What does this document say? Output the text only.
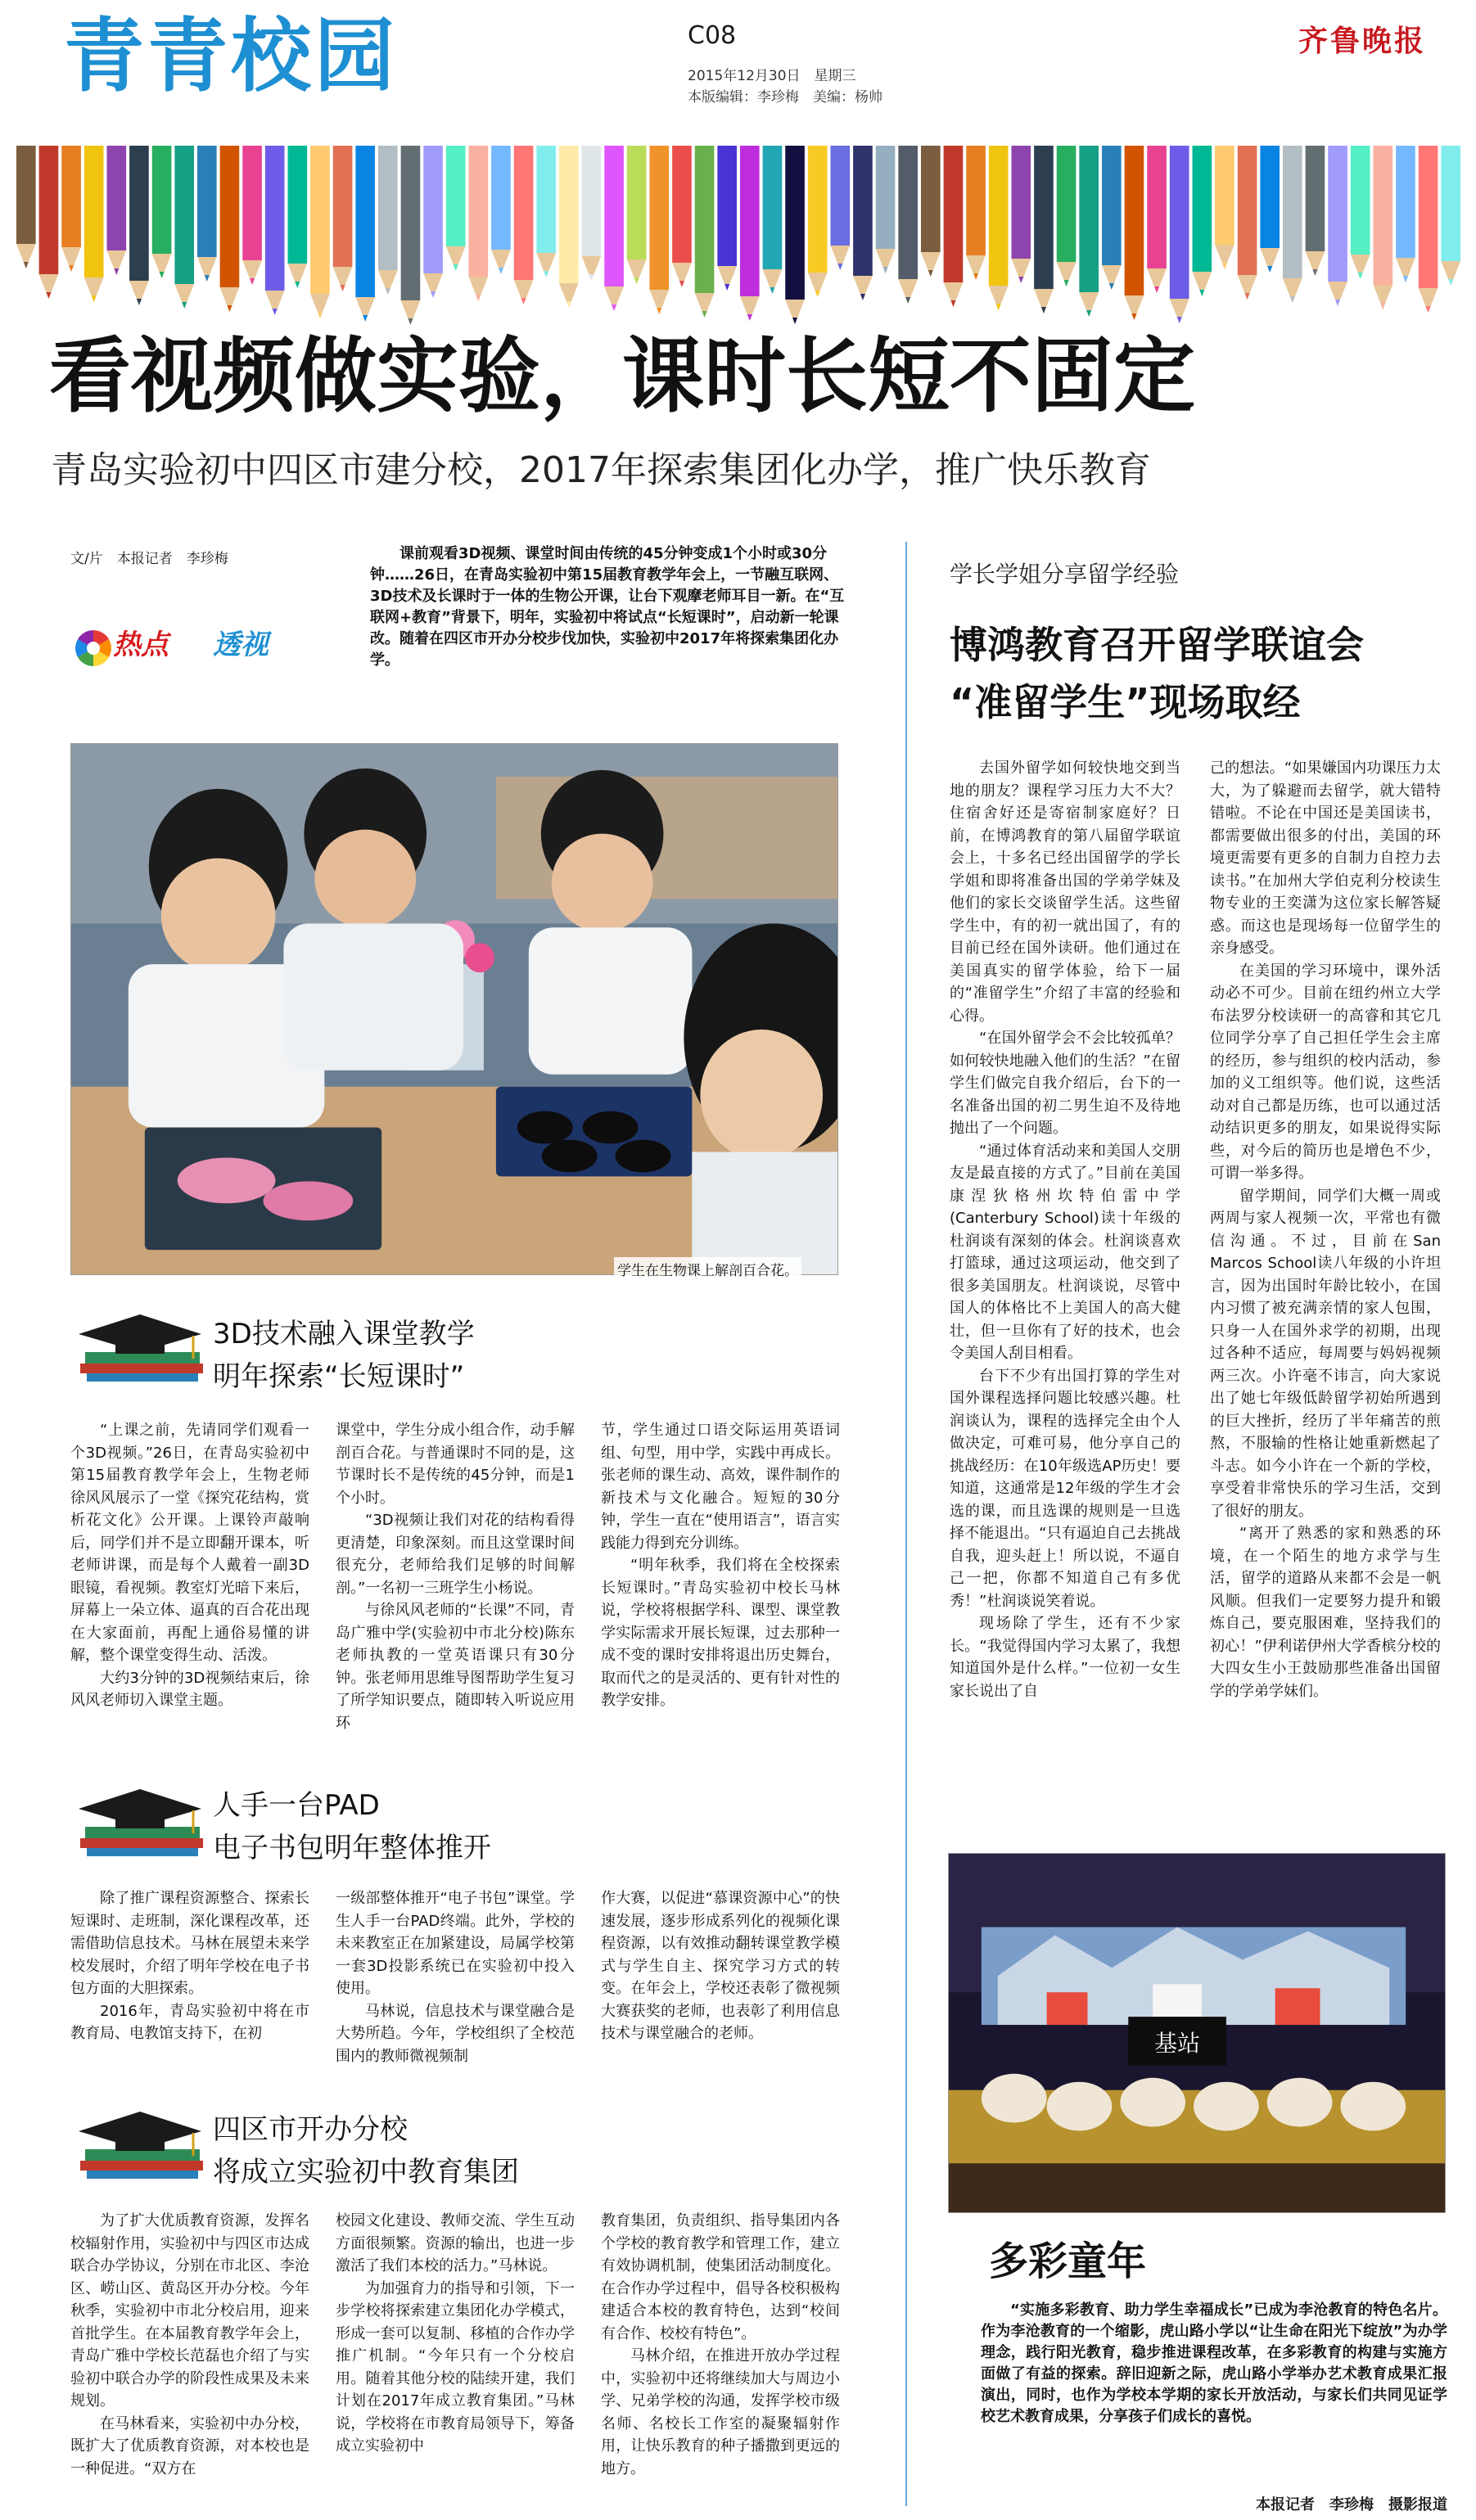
青青校园	C08
2015年12月30日　星期三
本版编辑：李珍梅　美编：杨帅
齐鲁晚报
看视频做实验，课时长短不固定
青岛实验初中四区市建分校，2017年探索集团化办学，推广快乐教育
文/片　本报记者　李珍梅
热点 透视
课前观看3D视频、课堂时间由传统的45分钟变成1个小时或30分钟……26日，在青岛实验初中第15届教育教学年会上，一节融互联网、3D技术及长课时于一体的生物公开课，让台下观摩老师耳目一新。在“互联网+教育”背景下，明年，实验初中将试点“长短课时”，启动新一轮课改。随着在四区市开办分校步伐加快，实验初中2017年将探索集团化办学。
学生在生物课上解剖百合花。
3D技术融入课堂教学
明年探索“长短课时”

“上课之前，先请同学们观看一个3D视频。”26日，在青岛实验初中第15届教育教学年会上，生物老师徐风风展示了一堂《探究花结构，赏析花文化》公开课。上课铃声敲响后，同学们并不是立即翻开课本，听老师讲课，而是每个人戴着一副3D眼镜，看视频。教室灯光暗下来后，屏幕上一朵立体、逼真的百合花出现在大家面前，再配上通俗易懂的讲解，整个课堂变得生动、活泼。

大约3分钟的3D视频结束后，徐风风老师切入课堂主题。

课堂中，学生分成小组合作，动手解剖百合花。与普通课时不同的是，这节课时长不是传统的45分钟，而是1个小时。

“3D视频让我们对花的结构看得更清楚，印象深刻。而且这堂课时间很充分，老师给我们足够的时间解剖。”一名初一三班学生小杨说。

与徐风风老师的“长课”不同，青岛广雅中学(实验初中市北分校)陈东老师执教的一堂英语课只有30分钟。张老师用思维导图帮助学生复习了所学知识要点，随即转入听说应用环

节，学生通过口语交际运用英语词组、句型，用中学，实践中再成长。张老师的课生动、高效，课件制作的新技术与文化融合。短短的30分钟，学生一直在“使用语言”，语言实践能力得到充分训练。

“明年秋季，我们将在全校探索长短课时。”青岛实验初中校长马林说，学校将根据学科、课型、课堂教学实际需求开展长短课，过去那种一成不变的课时安排将退出历史舞台，取而代之的是灵活的、更有针对性的教学安排。

人手一台PAD
电子书包明年整体推开

除了推广课程资源整合、探索长短课时、走班制，深化课程改革，还需借助信息技术。马林在展望未来学校发展时，介绍了明年学校在电子书包方面的大胆探索。

2016年，青岛实验初中将在市教育局、电教馆支持下，在初

一级部整体推开“电子书包”课堂。学生人手一台PAD终端。此外，学校的未来教室正在加紧建设，局属学校第一套3D投影系统已在实验初中投入使用。

马林说，信息技术与课堂融合是大势所趋。今年，学校组织了全校范围内的教师微视频制

作大赛，以促进“慕课资源中心”的快速发展，逐步形成系列化的视频化课程资源，以有效推动翻转课堂教学模式与学生自主、探究学习方式的转变。在年会上，学校还表彰了微视频大赛获奖的老师，也表彰了利用信息技术与课堂融合的老师。

四区市开办分校
将成立实验初中教育集团

为了扩大优质教育资源，发挥名校辐射作用，实验初中与四区市达成联合办学协议，分别在市北区、李沧区、崂山区、黄岛区开办分校。今年秋季，实验初中市北分校启用，迎来首批学生。在本届教育教学年会上，青岛广雅中学校长范磊也介绍了与实验初中联合办学的阶段性成果及未来规划。

在马林看来，实验初中办分校，既扩大了优质教育资源，对本校也是一种促进。“双方在

校园文化建设、教师交流、学生互动方面很频繁。资源的输出，也进一步激活了我们本校的活力。”马林说。

为加强育力的指导和引领，下一步学校将探索建立集团化办学模式，形成一套可以复制、移植的合作办学推广机制。“今年只有一个分校启用。随着其他分校的陆续开建，我们计划在2017年成立教育集团。”马林说，学校将在市教育局领导下，筹备成立实验初中

教育集团，负责组织、指导集团内各个学校的教育教学和管理工作，建立有效协调机制，使集团活动制度化。在合作办学过程中，倡导各校积极构建适合本校的教育特色，达到“校间有合作、校校有特色”。

马林介绍，在推进开放办学过程中，实验初中还将继续加大与周边小学、兄弟学校的沟通，发挥学校市级名师、名校长工作室的凝聚辐射作用，让快乐教育的种子播撒到更远的地方。

学长学姐分享留学经验
博鸿教育召开留学联谊会
“准留学生”现场取经

去国外留学如何较快地交到当地的朋友？课程学习压力大不大？住宿舍好还是寄宿制家庭好？日前，在博鸿教育的第八届留学联谊会上，十多名已经出国留学的学长学姐和即将准备出国的学弟学妹及他们的家长交谈留学生活。这些留学生中，有的初一就出国了，有的目前已经在国外读研。他们通过在美国真实的留学体验，给下一届的“准留学生”介绍了丰富的经验和心得。

“在国外留学会不会比较孤单？如何较快地融入他们的生活？”在留学生们做完自我介绍后，台下的一名准备出国的初二男生迫不及待地抛出了一个问题。

“通过体育活动来和美国人交朋友是最直接的方式了。”目前在美国康涅狄格州坎特伯雷中学(Canterbury School)读十年级的杜润谈有深刻的体会。杜润谈喜欢打篮球，通过这项运动，他交到了很多美国朋友。杜润谈说，尽管中国人的体格比不上美国人的高大健壮，但一旦你有了好的技术，也会令美国人刮目相看。

台下不少有出国打算的学生对国外课程选择问题比较感兴趣。杜润谈认为，课程的选择完全由个人做决定，可难可易，他分享自己的挑战经历：在10年级选AP历史！要知道，这通常是12年级的学生才会选的课，而且选课的规则是一旦选择不能退出。“只有逼迫自己去挑战自我，迎头赶上！所以说，不逼自己一把，你都不知道自己有多优秀！”杜润谈说笑着说。

现场除了学生，还有不少家长。“我觉得国内学习太累了，我想知道国外是什么样。”一位初一女生家长说出了自

己的想法。“如果嫌国内功课压力太大，为了躲避而去留学，就大错特错啦。不论在中国还是美国读书，都需要做出很多的付出，美国的环境更需要有更多的自制力自控力去读书。”在加州大学伯克利分校读生物专业的王奕潇为这位家长解答疑惑。而这也是现场每一位留学生的亲身感受。

在美国的学习环境中，课外活动必不可少。目前在纽约州立大学布法罗分校读研一的高睿和其它几位同学分享了自己担任学生会主席的经历，参与组织的校内活动，参加的义工组织等。他们说，这些活动对自己都是历练，也可以通过活动结识更多的朋友，如果说得实际些，对今后的简历也是增色不少，可谓一举多得。

留学期间，同学们大概一周或两周与家人视频一次，平常也有微信沟通。不过，目前在San Marcos School读八年级的小许坦言，因为出国时年龄比较小，在国内习惯了被充满亲情的家人包围，只身一人在国外求学的初期，出现过各种不适应，每周要与妈妈视频两三次。小许毫不讳言，向大家说出了她七年级低龄留学初始所遇到的巨大挫折，经历了半年痛苦的煎熬，不服输的性格让她重新燃起了斗志。如今小许在一个新的学校，享受着非常快乐的学习生活，交到了很好的朋友。

“离开了熟悉的家和熟悉的环境，在一个陌生的地方求学与生活，留学的道路从来都不会是一帆风顺。但我们一定要努力提升和锻炼自己，要克服困难，坚持我们的初心！”伊利诺伊州大学香槟分校的大四女生小王鼓励那些准备出国留学的学弟学妹们。

基站
多彩童年
“实施多彩教育、助力学生幸福成长”已成为李沧教育的特色名片。作为李沧教育的一个缩影，虎山路小学以“让生命在阳光下绽放”为办学理念，践行阳光教育，稳步推进课程改革，在多彩教育的构建与实施方面做了有益的探索。辞旧迎新之际，虎山路小学举办艺术教育成果汇报演出，同时，也作为学校本学期的家长开放活动，与家长们共同见证学校艺术教育成果，分享孩子们成长的喜悦。
本报记者　李珍梅　摄影报道
